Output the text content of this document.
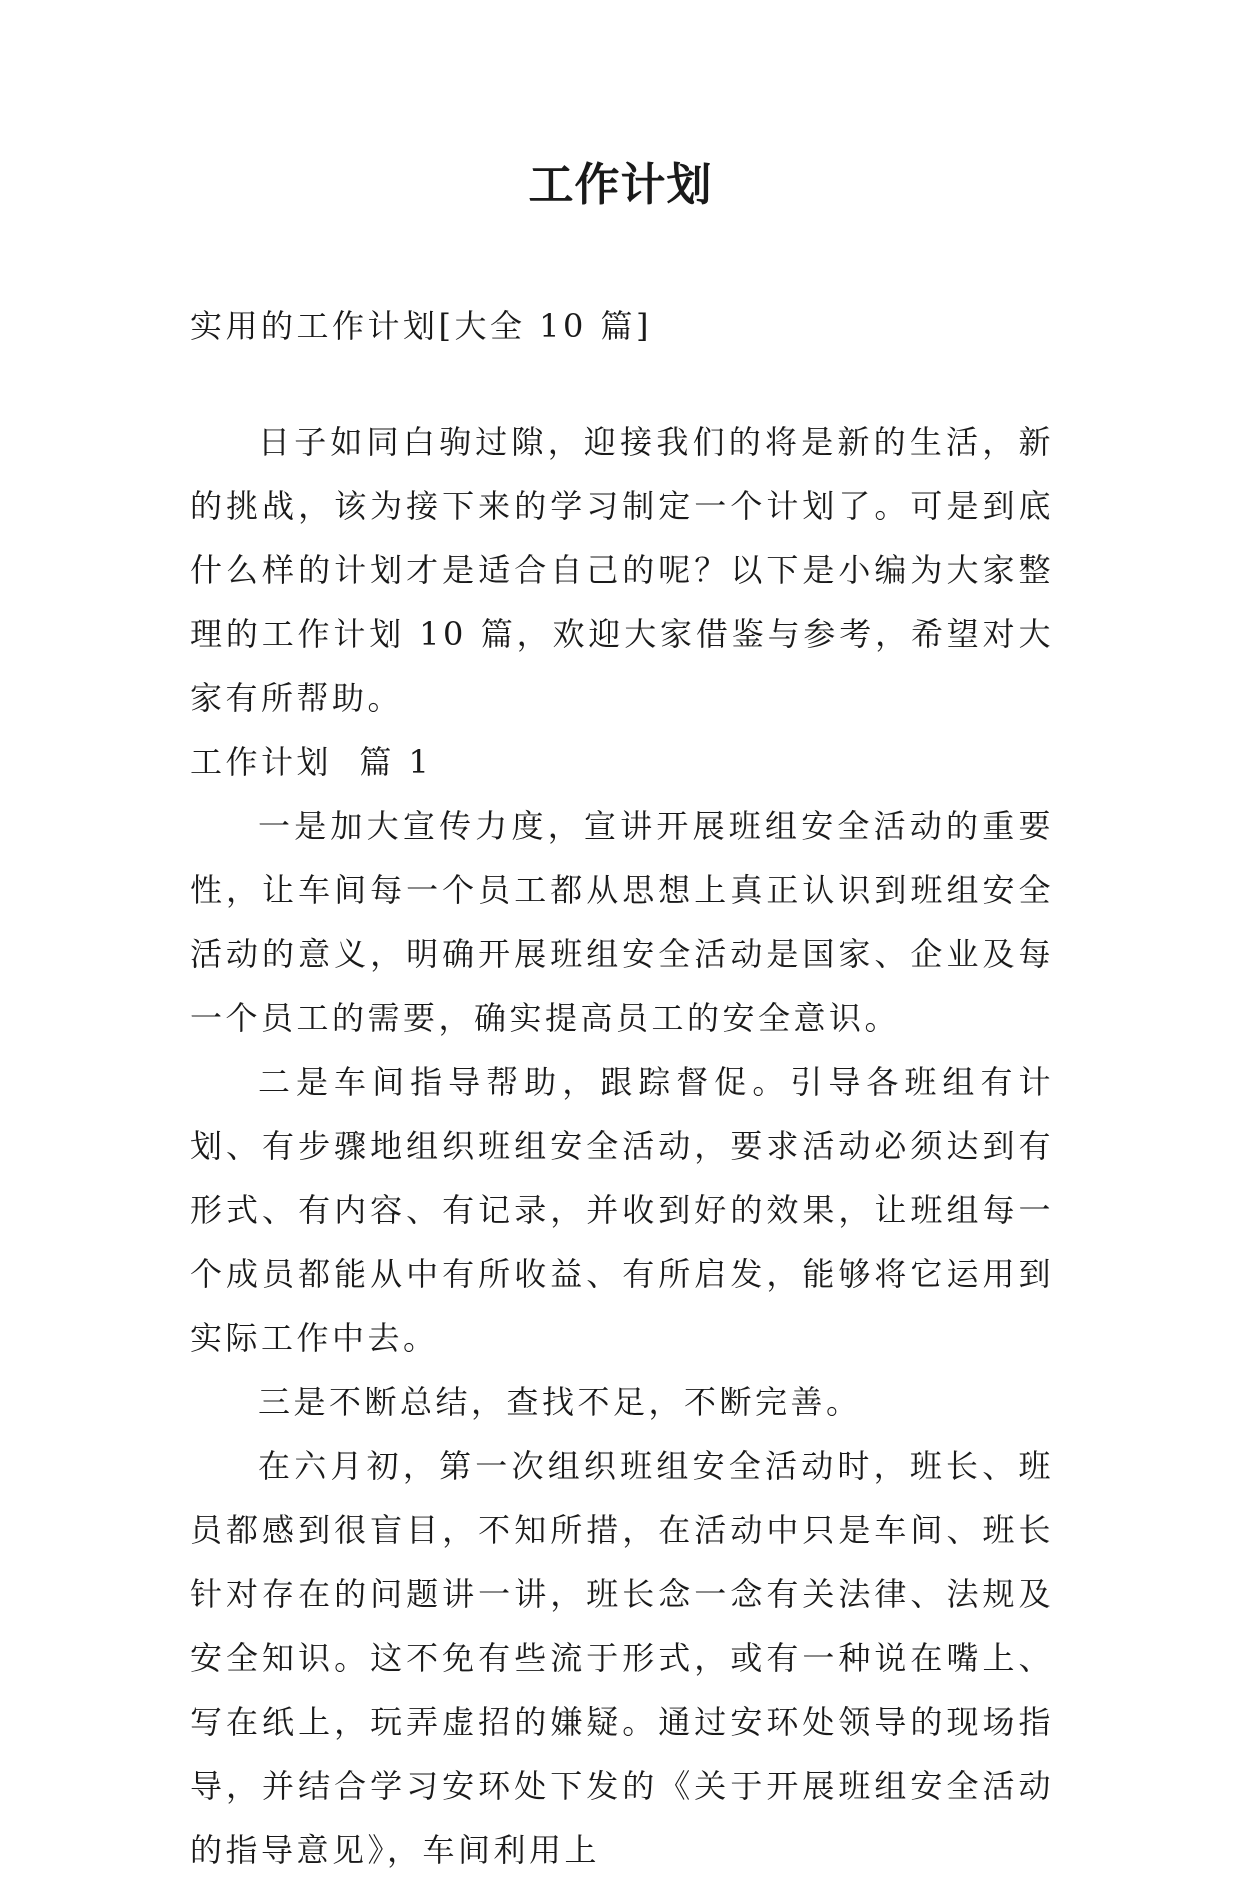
工作计划

实用的工作计划[大全 10 篇]

日子如同白驹过隙，迎接我们的将是新的生活，新的挑战，该为接下来的学习制定一个计划了。可是到底什么样的计划才是适合自己的呢？以下是小编为大家整理的工作计划 10 篇，欢迎大家借鉴与参考，希望对大家有所帮助。

工作计划  篇 1

一是加大宣传力度，宣讲开展班组安全活动的重要性，让车间每一个员工都从思想上真正认识到班组安全活动的意义，明确开展班组安全活动是国家、企业及每一个员工的需要，确实提高员工的安全意识。

二是车间指导帮助，跟踪督促。引导各班组有计划、有步骤地组织班组安全活动，要求活动必须达到有形式、有内容、有记录，并收到好的效果，让班组每一个成员都能从中有所收益、有所启发，能够将它运用到实际工作中去。

三是不断总结，查找不足，不断完善。

在六月初，第一次组织班组安全活动时，班长、班员都感到很盲目，不知所措，在活动中只是车间、班长针对存在的问题讲一讲，班长念一念有关法律、法规及安全知识。这不免有些流于形式，或有一种说在嘴上、写在纸上，玩弄虚招的嫌疑。通过安环处领导的现场指导，并结合学习安环处下发的《关于开展班组安全活动的指导意见》，车间利用上
